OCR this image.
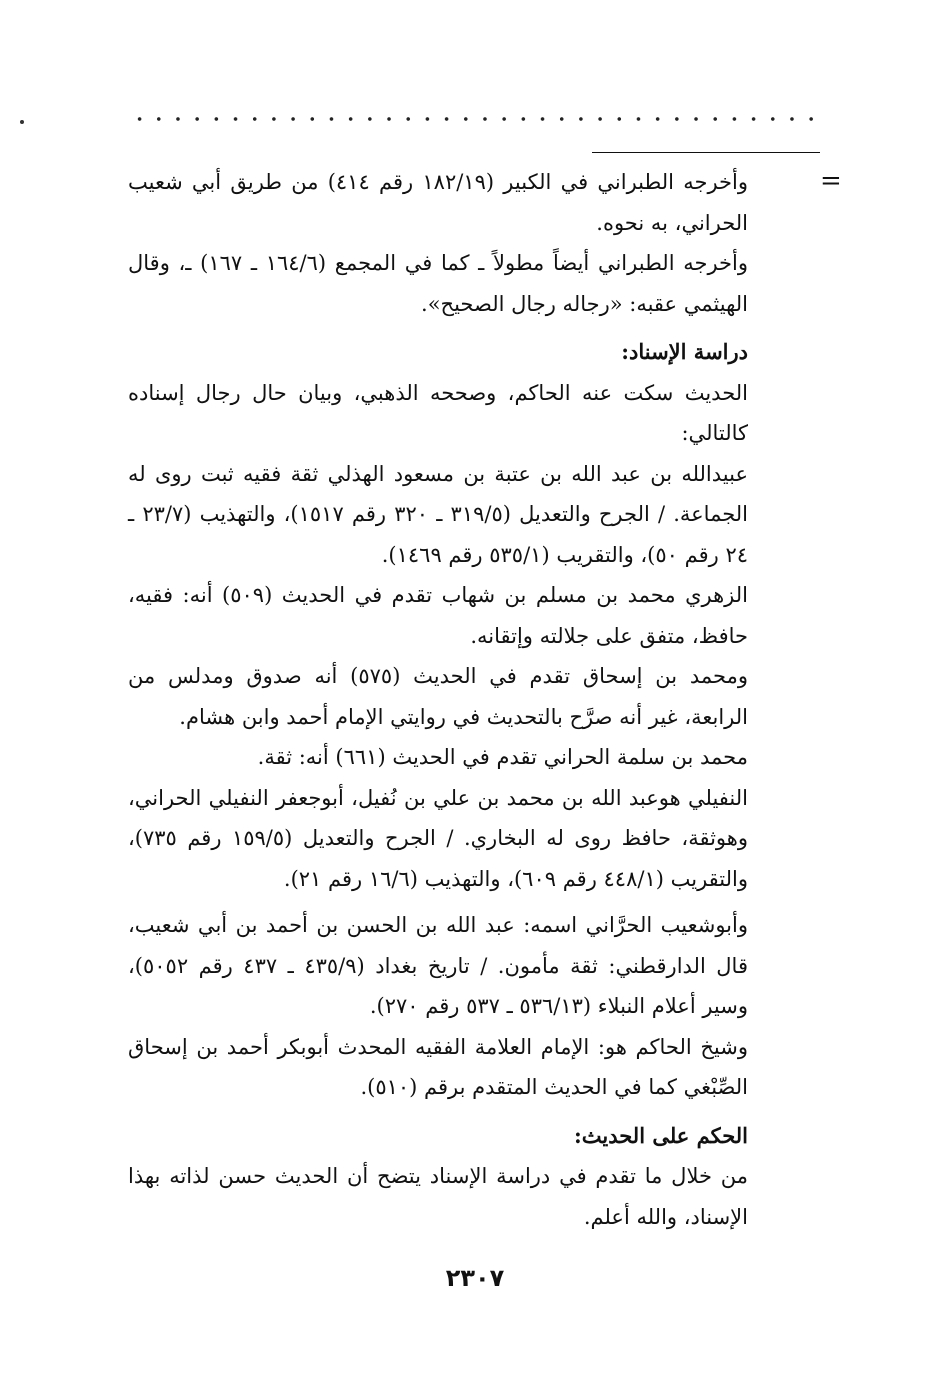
=

وأخرجه الطبراني في الكبير (١٨٢/١٩ رقم ٤١٤) من طريق أبي شعيب الحراني، به نحوه.

وأخرجه الطبراني أيضاً مطولاً ـ كما في المجمع (١٦٤/٦ ـ ١٦٧) ـ، وقال الهيثمي عقبه: «رجاله رجال الصحيح».

دراسة الإسناد:

الحديث سكت عنه الحاكم، وصححه الذهبي، وبيان حال رجال إسناده كالتالي:

عبيدالله بن عبد الله بن عتبة بن مسعود الهذلي ثقة فقيه ثبت روى له الجماعة. / الجرح والتعديل (٣١٩/٥ ـ ٣٢٠ رقم ١٥١٧)، والتهذيب (٢٣/٧ ـ ٢٤ رقم ٥٠)، والتقريب (٥٣٥/١ رقم ١٤٦٩).

الزهري محمد بن مسلم بن شهاب تقدم في الحديث (٥٠٩) أنه: فقيه، حافظ، متفق على جلالته وإتقانه.

ومحمد بن إسحاق تقدم في الحديث (٥٧٥) أنه صدوق ومدلس من الرابعة، غير أنه صرَّح بالتحديث في روايتي الإمام أحمد وابن هشام.

محمد بن سلمة الحراني تقدم في الحديث (٦٦١) أنه: ثقة.

النفيلي هوعبد الله بن محمد بن علي بن نُفيل، أبوجعفر النفيلي الحراني، وهوثقة، حافظ روى له البخاري. / الجرح والتعديل (١٥٩/٥ رقم ٧٣٥)، والتقريب (٤٤٨/١ رقم ٦٠٩)، والتهذيب (١٦/٦ رقم ٢١).

وأبوشعيب الحرَّاني اسمه: عبد الله بن الحسن بن أحمد بن أبي شعيب، قال الدارقطني: ثقة مأمون. / تاريخ بغداد (٤٣٥/٩ ـ ٤٣٧ رقم ٥٠٥٢)، وسير أعلام النبلاء (٥٣٦/١٣ ـ ٥٣٧ رقم ٢٧٠).

وشيخ الحاكم هو: الإمام العلامة الفقيه المحدث أبوبكر أحمد بن إسحاق الصِّبْغي كما في الحديث المتقدم برقم (٥١٠).

الحكم على الحديث:

من خلال ما تقدم في دراسة الإسناد يتضح أن الحديث حسن لذاته بهذا الإسناد، والله أعلم.

٢٣٠٧
